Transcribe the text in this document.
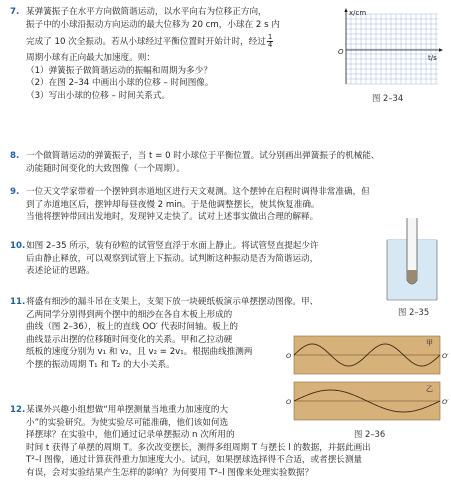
7. 某弹簧振子在水平方向做简谐运动，以水平向右为位移正方向，
振子中的小球沿振动方向运动的最大位移为 20 cm，小球在 2 s 内
完成了 10 次全振动。若从小球经过平衡位置时开始计时，经过 $\frac{1}{4}$
周期小球有正向最大加速度。则：
（1）弹簧振子做简谐运动的振幅和周期为多少？
（2）在图 2–34 中画出小球的位移 – 时间图像。
（3）写出小球的位移 – 时间关系式。
x/cm
t/s
O
图 2–34
8. 一个做简谐运动的弹簧振子，当 t = 0 时小球位于平衡位置。试分别画出弹簧振子的机械能、
动能随时间变化的大致图像（一个周期）。
9. 一位天文学家带着一个摆钟到赤道地区进行天文观测。这个摆钟在启程时调得非常准确，但
到了赤道地区后，摆钟却每昼夜慢 2 min。于是他调整摆长，使其恢复准确。
当他将摆钟带回出发地时，发现钟又走快了。试对上述事实做出合理的解释。
10.如图 2–35 所示，装有砂粒的试管竖直浮于水面上静止。将试管竖直提起少许
后由静止释放，可以观察到试管上下振动。试判断这种振动是否为简谐运动，
表述论证的思路。
图 2–35
11.将盛有细沙的漏斗吊在支架上，支架下放一块硬纸板演示单摆摆动图像。甲、
乙两同学分别得到两个摆中的细沙在各自木板上形成的
曲线（图 2–36），板上的直线 OO′ 代表时间轴。板上的
曲线显示出摆的位移随时间变化的关系。甲和乙拉动硬
纸板的速度分别为 v₁ 和 v₂，且 v₂ = 2v₁。根据曲线推测两
个摆的振动周期 T₁ 和 T₂ 的大小关系。
甲
乙
O	O′
O	O′
图 2–36
12.某课外兴趣小组想做“用单摆测量当地重力加速度的大
小”的实验研究。为使实验尽可能准确，他们该如何选
择摆球？在实验中，他们通过记录单摆振动 n 次所用的
时间 t 获得了单摆的周期 T。多次改变摆长，测得多组周期 T 与摆长 l 的数据，并据此画出
T²–l 图像，通过计算获得重力加速度大小。试问，如果摆球选择得不合适，或者摆长测量
有误，会对实验结果产生怎样的影响？为何要用 T²–l 图像来处理实验数据？
